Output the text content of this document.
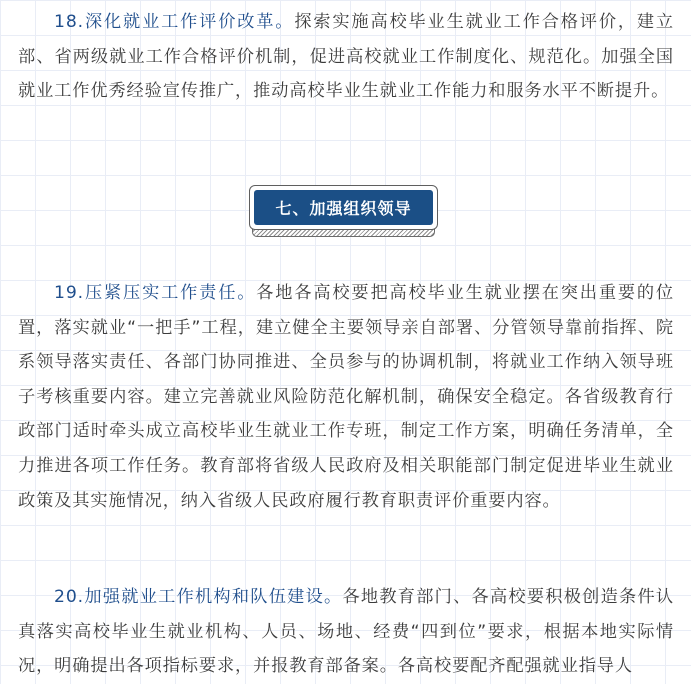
18.深化就业工作评价改革。探索实施高校毕业生就业工作合格评价，建立部、省两级就业工作合格评价机制，促进高校就业工作制度化、规范化。加强全国就业工作优秀经验宣传推广，推动高校毕业生就业工作能力和服务水平不断提升。

七、加强组织领导

19.压紧压实工作责任。各地各高校要把高校毕业生就业摆在突出重要的位置，落实就业“一把手”工程，建立健全主要领导亲自部署、分管领导靠前指挥、院系领导落实责任、各部门协同推进、全员参与的协调机制，将就业工作纳入领导班子考核重要内容。建立完善就业风险防范化解机制，确保安全稳定。各省级教育行政部门适时牵头成立高校毕业生就业工作专班，制定工作方案，明确任务清单，全力推进各项工作任务。教育部将省级人民政府及相关职能部门制定促进毕业生就业政策及其实施情况，纳入省级人民政府履行教育职责评价重要内容。

20.加强就业工作机构和队伍建设。各地教育部门、各高校要积极创造条件认真落实高校毕业生就业机构、人员、场地、经费“四到位”要求，根据本地实际情况，明确提出各项指标要求，并报教育部备案。各高校要配齐配强就业指导人
